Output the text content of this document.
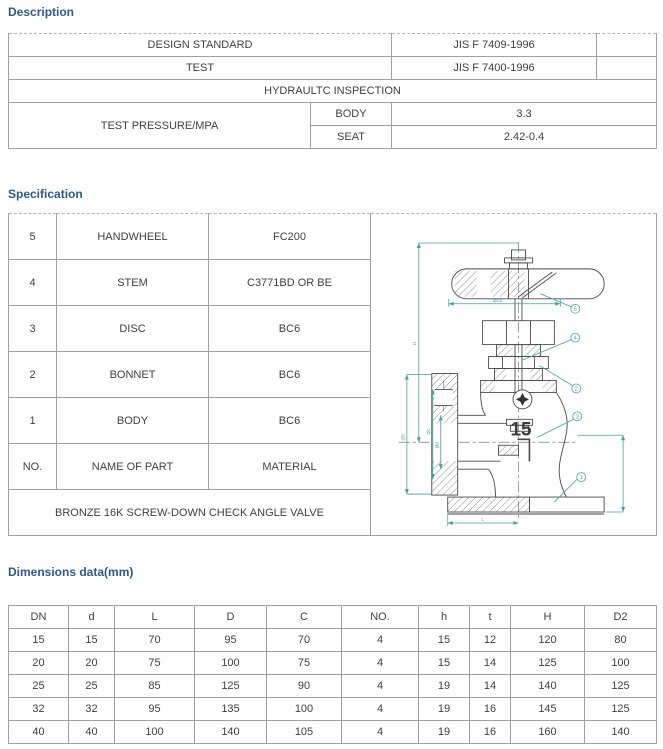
Description
DESIGN STANDARD		JIS F 7409-1996	
TEST		JIS F 7400-1996	
HYDRAULTC INSPECTION			
TEST PRESSURE/MPA	BODY	3.3	
	SEAT	2.42-0.4	
Specification
5	HANDWHEEL	FC200	
15
ØD2
ØD
ØC
Ød
H
L
5
4
2
3
1

4	STEM	C3771BD OR BE	
3	DISC	BC6	
2	BONNET	BC6	
1	BODY	BC6	
NO.	NAME OF PART	MATERIAL	
BRONZE 16K SCREW-DOWN CHECK ANGLE VALVE			
Dimensions data(mm)
DN	d	L	D	C	NO.	h	t	H	D2
15	15	70	95	70	4	15	12	120	80
20	20	75	100	75	4	15	14	125	100
25	25	85	125	90	4	19	14	140	125
32	32	95	135	100	4	19	16	145	125
40	40	100	140	105	4	19	16	160	140
